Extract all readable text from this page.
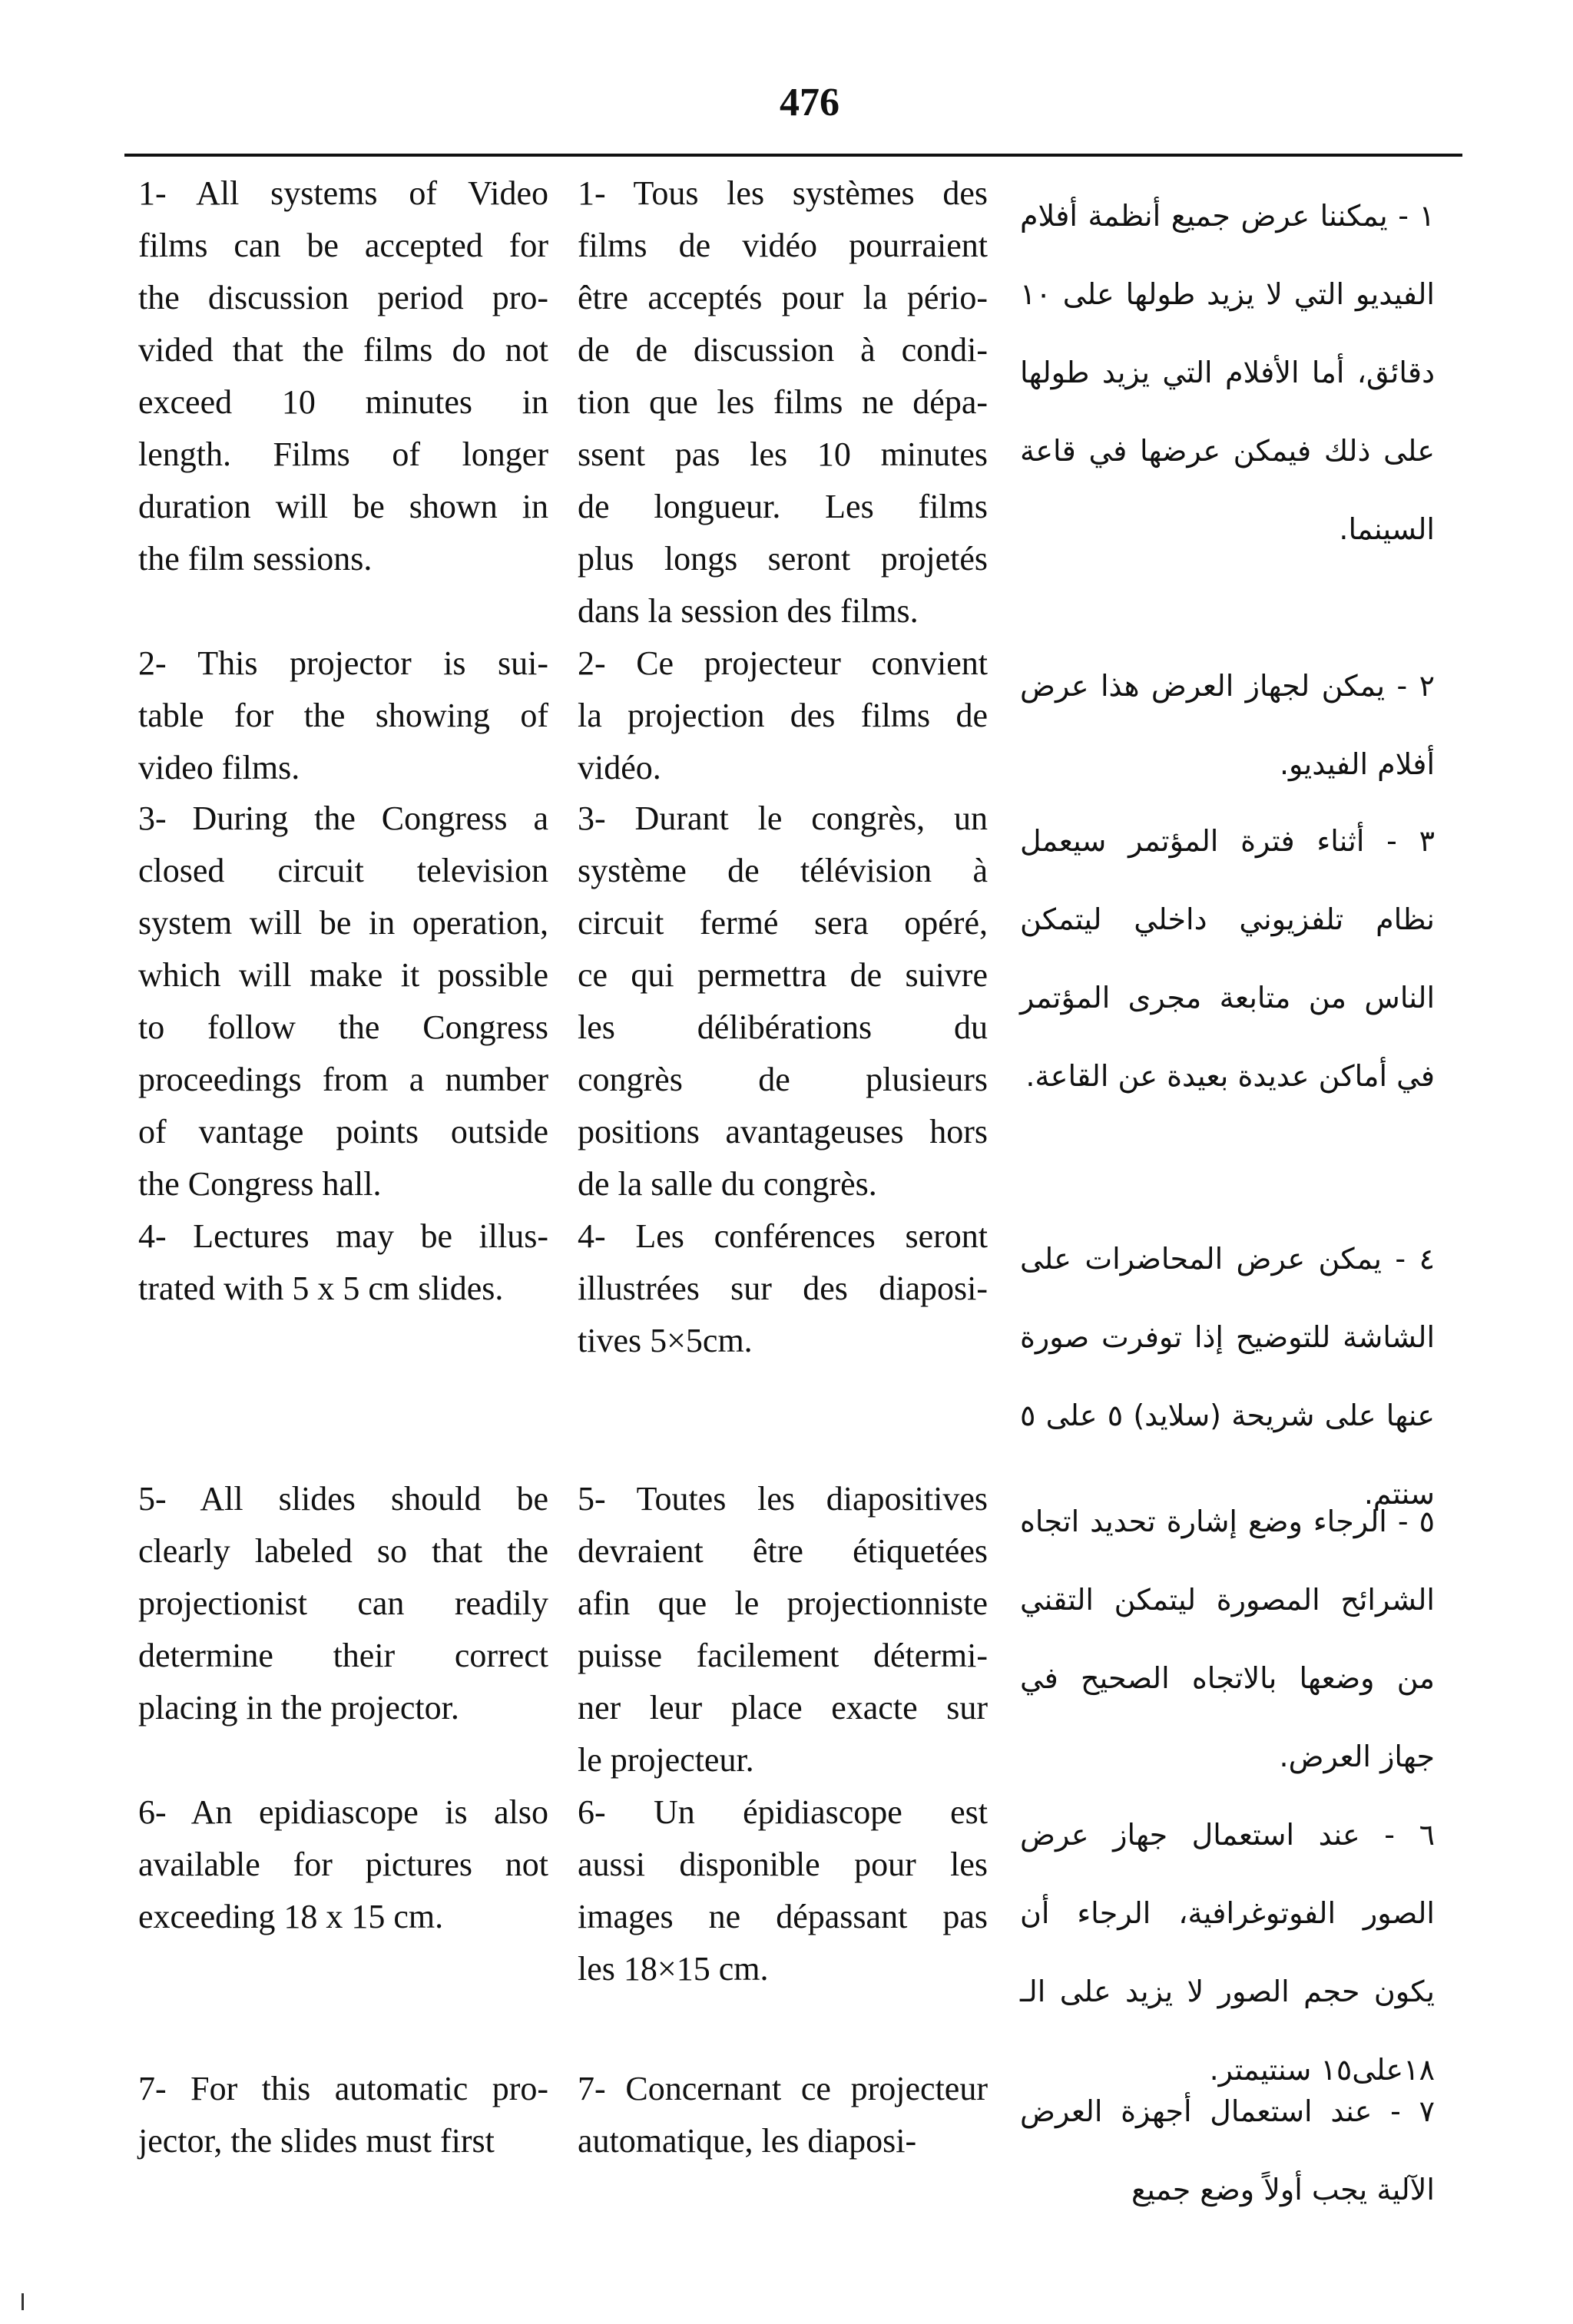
476
1- All systems of Video
films can be accepted for
the discussion period pro-
vided that the films do not
exceed 10 minutes in
length. Films of longer
duration will be shown in
the film sessions.
1- Tous les systèmes des
films de vidéo pourraient
être acceptés pour la pério-
de de discussion à condi-
tion que les films ne dépa-
ssent pas les 10 minutes
de longueur. Les films
plus longs seront projetés
dans la session des films.
١ - يمكننا عرض جميع أنظمة أفلام الفيديو التي لا يزيد طولها على ١٠ دقائق، أما الأفلام التي يزيد طولها على ذلك فيمكن عرضها في قاعة السينما.
2- This projector is sui-
table for the showing of
video films.
2- Ce projecteur convient
la projection des films de
vidéo.
٢ - يمكن لجهاز العرض هذا عرض أفلام الفيديو.
3- During the Congress a
closed circuit television
system will be in operation,
which will make it possible
to follow the Congress
proceedings from a number
of vantage points outside
the Congress hall.
3- Durant le congrès, un
système de télévision à
circuit fermé sera opéré,
ce qui permettra de suivre
les délibérations du
congrès de plusieurs
positions avantageuses hors
de la salle du congrès.
٣ - أثناء فترة المؤتمر سيعمل نظام تلفزيوني داخلي ليتمكن الناس من متابعة مجرى المؤتمر في أماكن عديدة بعيدة عن القاعة.
4- Lectures may be illus-
trated with 5 x 5 cm slides.
4- Les conférences seront
illustrées sur des diaposi-
tives 5×5cm.
٤ - يمكن عرض المحاضرات على الشاشة للتوضيح إذا توفرت صورة عنها على شريحة (سلايد) ٥ على ٥ سنتم.
5- All slides should be
clearly labeled so that the
projectionist can readily
determine their correct
placing in the projector.
5- Toutes les diapositives
devraient être étiquetées
afin que le projectionniste
puisse facilement détermi-
ner leur place exacte sur
le projecteur.
٥ - الرجاء وضع إشارة تحديد اتجاه الشرائح المصورة ليتمكن التقني من وضعها بالاتجاه الصحيح في جهاز العرض.
6- An epidiascope is also
available for pictures not
exceeding 18 x 15 cm.
6- Un épidiascope est
aussi disponible pour les
images ne dépassant pas
les 18×15 cm.
٦ - عند استعمال جهاز عرض الصور الفوتوغرافية، الرجاء أن يكون حجم الصور لا يزيد على الـ ١٨على١٥ سنتيمتر.
7- For this automatic pro-
jector, the slides must first
7- Concernant ce projecteur
automatique, les diaposi-
٧ - عند استعمال أجهزة العرض الآلية يجب أولاً وضع جميع
